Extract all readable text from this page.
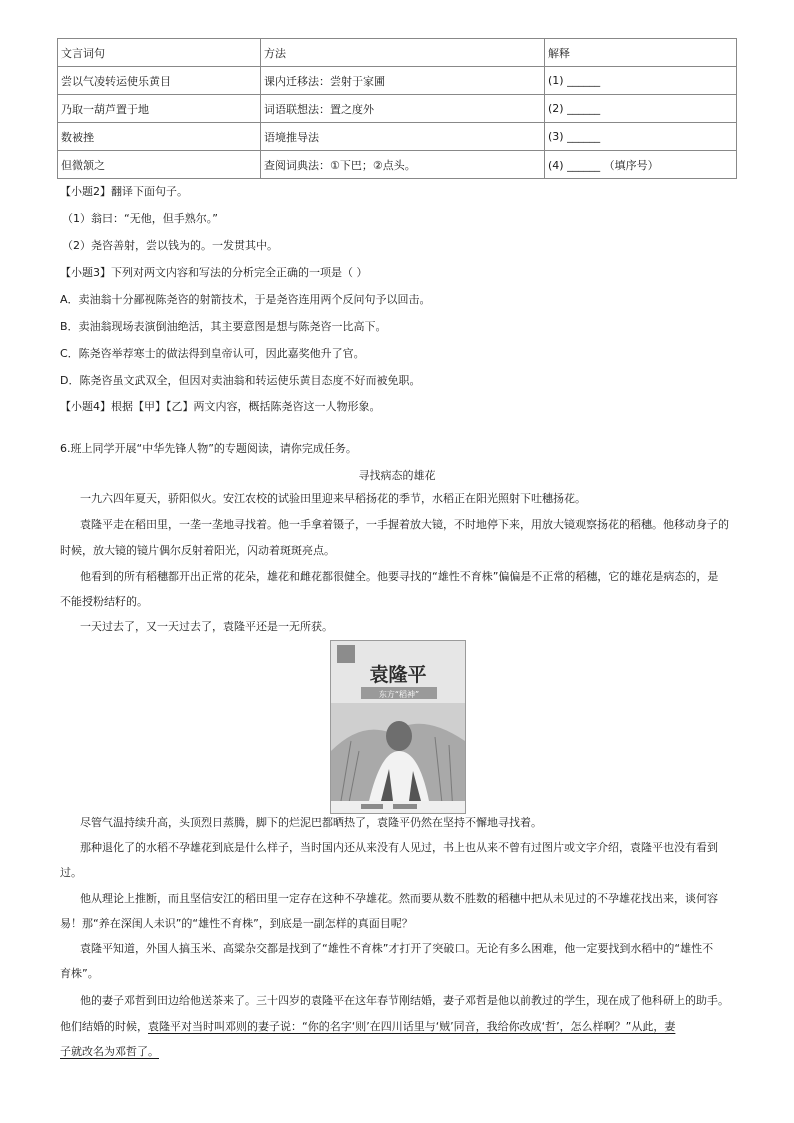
文言词句	方法	解释
尝以气凌转运使乐黄目	课内迁移法：尝射于家圃	(1) ______
乃取一葫芦置于地	词语联想法：置之度外	(2) ______
数被挫	语境推导法	(3) ______
但微颔之	查阅词典法：①下巴；②点头。	(4) ______ （填序号）
【小题2】翻译下面句子。
（1）翁曰：“无他，但手熟尔。”
（2）尧咨善射，尝以钱为的。一发贯其中。
【小题3】下列对两文内容和写法的分析完全正确的一项是（ ）
A．卖油翁十分鄙视陈尧咨的射箭技术，于是尧咨连用两个反问句予以回击。
B．卖油翁现场表演倒油绝活，其主要意图是想与陈尧咨一比高下。
C．陈尧咨举荐寒士的做法得到皇帝认可，因此嘉奖他升了官。
D．陈尧咨虽文武双全，但因对卖油翁和转运使乐黄目态度不好而被免职。
【小题4】根据【甲】【乙】两文内容，概括陈尧咨这一人物形象。
6.班上同学开展“中华先锋人物”的专题阅读，请你完成任务。
寻找病态的雄花
一九六四年夏天，骄阳似火。安江农校的试验田里迎来早稻扬花的季节，水稻正在阳光照射下吐穗扬花。
袁隆平走在稻田里，一垄一垄地寻找着。他一手拿着镊子，一手握着放大镜，不时地停下来，用放大镜观察扬花的稻穗。他移动身子的
时候，放大镜的镜片偶尔反射着阳光，闪动着斑斑亮点。
他看到的所有稻穗都开出正常的花朵，雄花和雌花都很健全。他要寻找的“雄性不育株”偏偏是不正常的稻穗，它的雄花是病态的，是
不能授粉结籽的。
一天过去了，又一天过去了，袁隆平还是一无所获。
袁隆平
东方“稻神”
尽管气温持续升高，头顶烈日蒸腾，脚下的烂泥巴都晒热了，袁隆平仍然在坚持不懈地寻找着。
那种退化了的水稻不孕雄花到底是什么样子，当时国内还从来没有人见过，书上也从来不曾有过图片或文字介绍，袁隆平也没有看到
过。
他从理论上推断，而且坚信安江的稻田里一定存在这种不孕雄花。然而要从数不胜数的稻穗中把从未见过的不孕雄花找出来，谈何容
易！那“养在深闺人未识”的“雄性不育株”，到底是一副怎样的真面目呢？
袁隆平知道，外国人搞玉米、高粱杂交都是找到了“雄性不育株”才打开了突破口。无论有多么困难，他一定要找到水稻中的“雄性不
育株”。
他的妻子邓哲到田边给他送茶来了。三十四岁的袁隆平在这年春节刚结婚，妻子邓哲是他以前教过的学生，现在成了他科研上的助手。
他们结婚的时候，袁隆平对当时叫邓则的妻子说：“你的名字‘则’在四川话里与‘贼’同音，我给你改成‘哲’，怎么样啊？”从此，妻
子就改名为邓哲了。
